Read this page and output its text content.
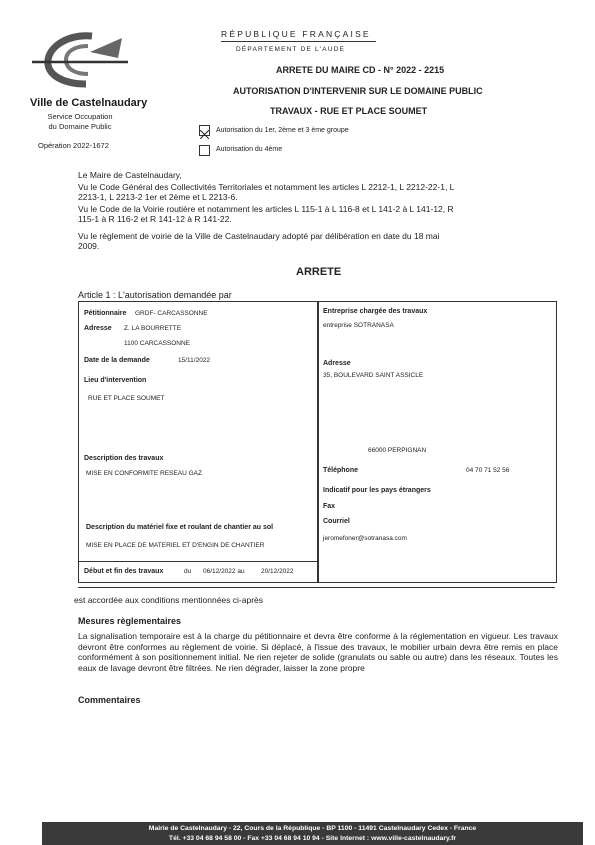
Ville de Castelnaudary
Service Occupation
du Domaine Public
Opération 2022-1672
RÉPUBLIQUE FRANÇAISE
DÉPARTEMENT DE L'AUDE
ARRETE DU MAIRE CD - N° 2022 - 2215
AUTORISATION D'INTERVENIR SUR LE DOMAINE PUBLIC
TRAVAUX - RUE ET PLACE SOUMET
Autorisation du 1er, 2ème et 3 ème groupe
Autorisation du 4ème
Le Maire de Castelnaudary,
Vu le Code Général des Collectivités Territoriales et notamment les articles L 2212-1, L 2212-22-1, L
2213-1, L 2213-2 1er et 2ème et L 2213-6.
Vu le Code de la Voirie routière et notamment les articles L 115-1 à L 116-8 et L 141-2 à L 141-12, R
115-1 à R 116-2 et R 141-12 à R 141-22.
Vu le règlement de voirie de la Ville de Castelnaudary adopté par délibération en date du 18 mai
2009.
ARRETE
Article 1 : L'autorisation demandée par
Pétitionnaire GRDF- CARCASSONNE
Adresse Z. LA BOURRETTE
1100 CARCASSONNE
Date de la demande	15/11/2022
Lieu d'intervention
RUE ET PLACE SOUMET
Description des travaux
MISE EN CONFORMITE RESEAU GAZ
Description du matériel fixe et roulant de chantier au sol
MISE EN PLACE DE MATERIEL ET D'ENGIN DE CHANTIER
Début et fin des travaux	du 06/12/2022 au	20/12/2022
Entreprise chargée des travaux
entreprise SOTRANASA
Adresse
35, BOULEVARD SAINT ASSICLE
66000 PERPIGNAN
Téléphone	04 70 71 52 56
Indicatif pour les pays étrangers
Fax
Courriel
jeromefoner@sotranasa.com
est accordée aux conditions mentionnées ci-après
Mesures règlementaires
La signalisation temporaire est à la charge du pétitionnaire et devra être conforme à la réglementation en vigueur. Les travaux devront être conformes au règlement de voirie. Si déplacé, à l'issue des travaux, le mobilier urbain devra être remis en place conformément à son positionnement initial. Ne rien rejeter de solide (granulats ou sable ou autre) dans les réseaux. Toutes les eaux de lavage devront être filtrées. Ne rien dégrader, laisser la zone propre
Commentaires
Mairie de Castelnaudary - 22, Cours de la République - BP 1100 - 11491 Castelnaudary Cedex - France
Tél. +33 04 68 94 58 00 - Fax +33 04 68 94 10 94 - Site Internet : www.ville-castelnaudary.fr
